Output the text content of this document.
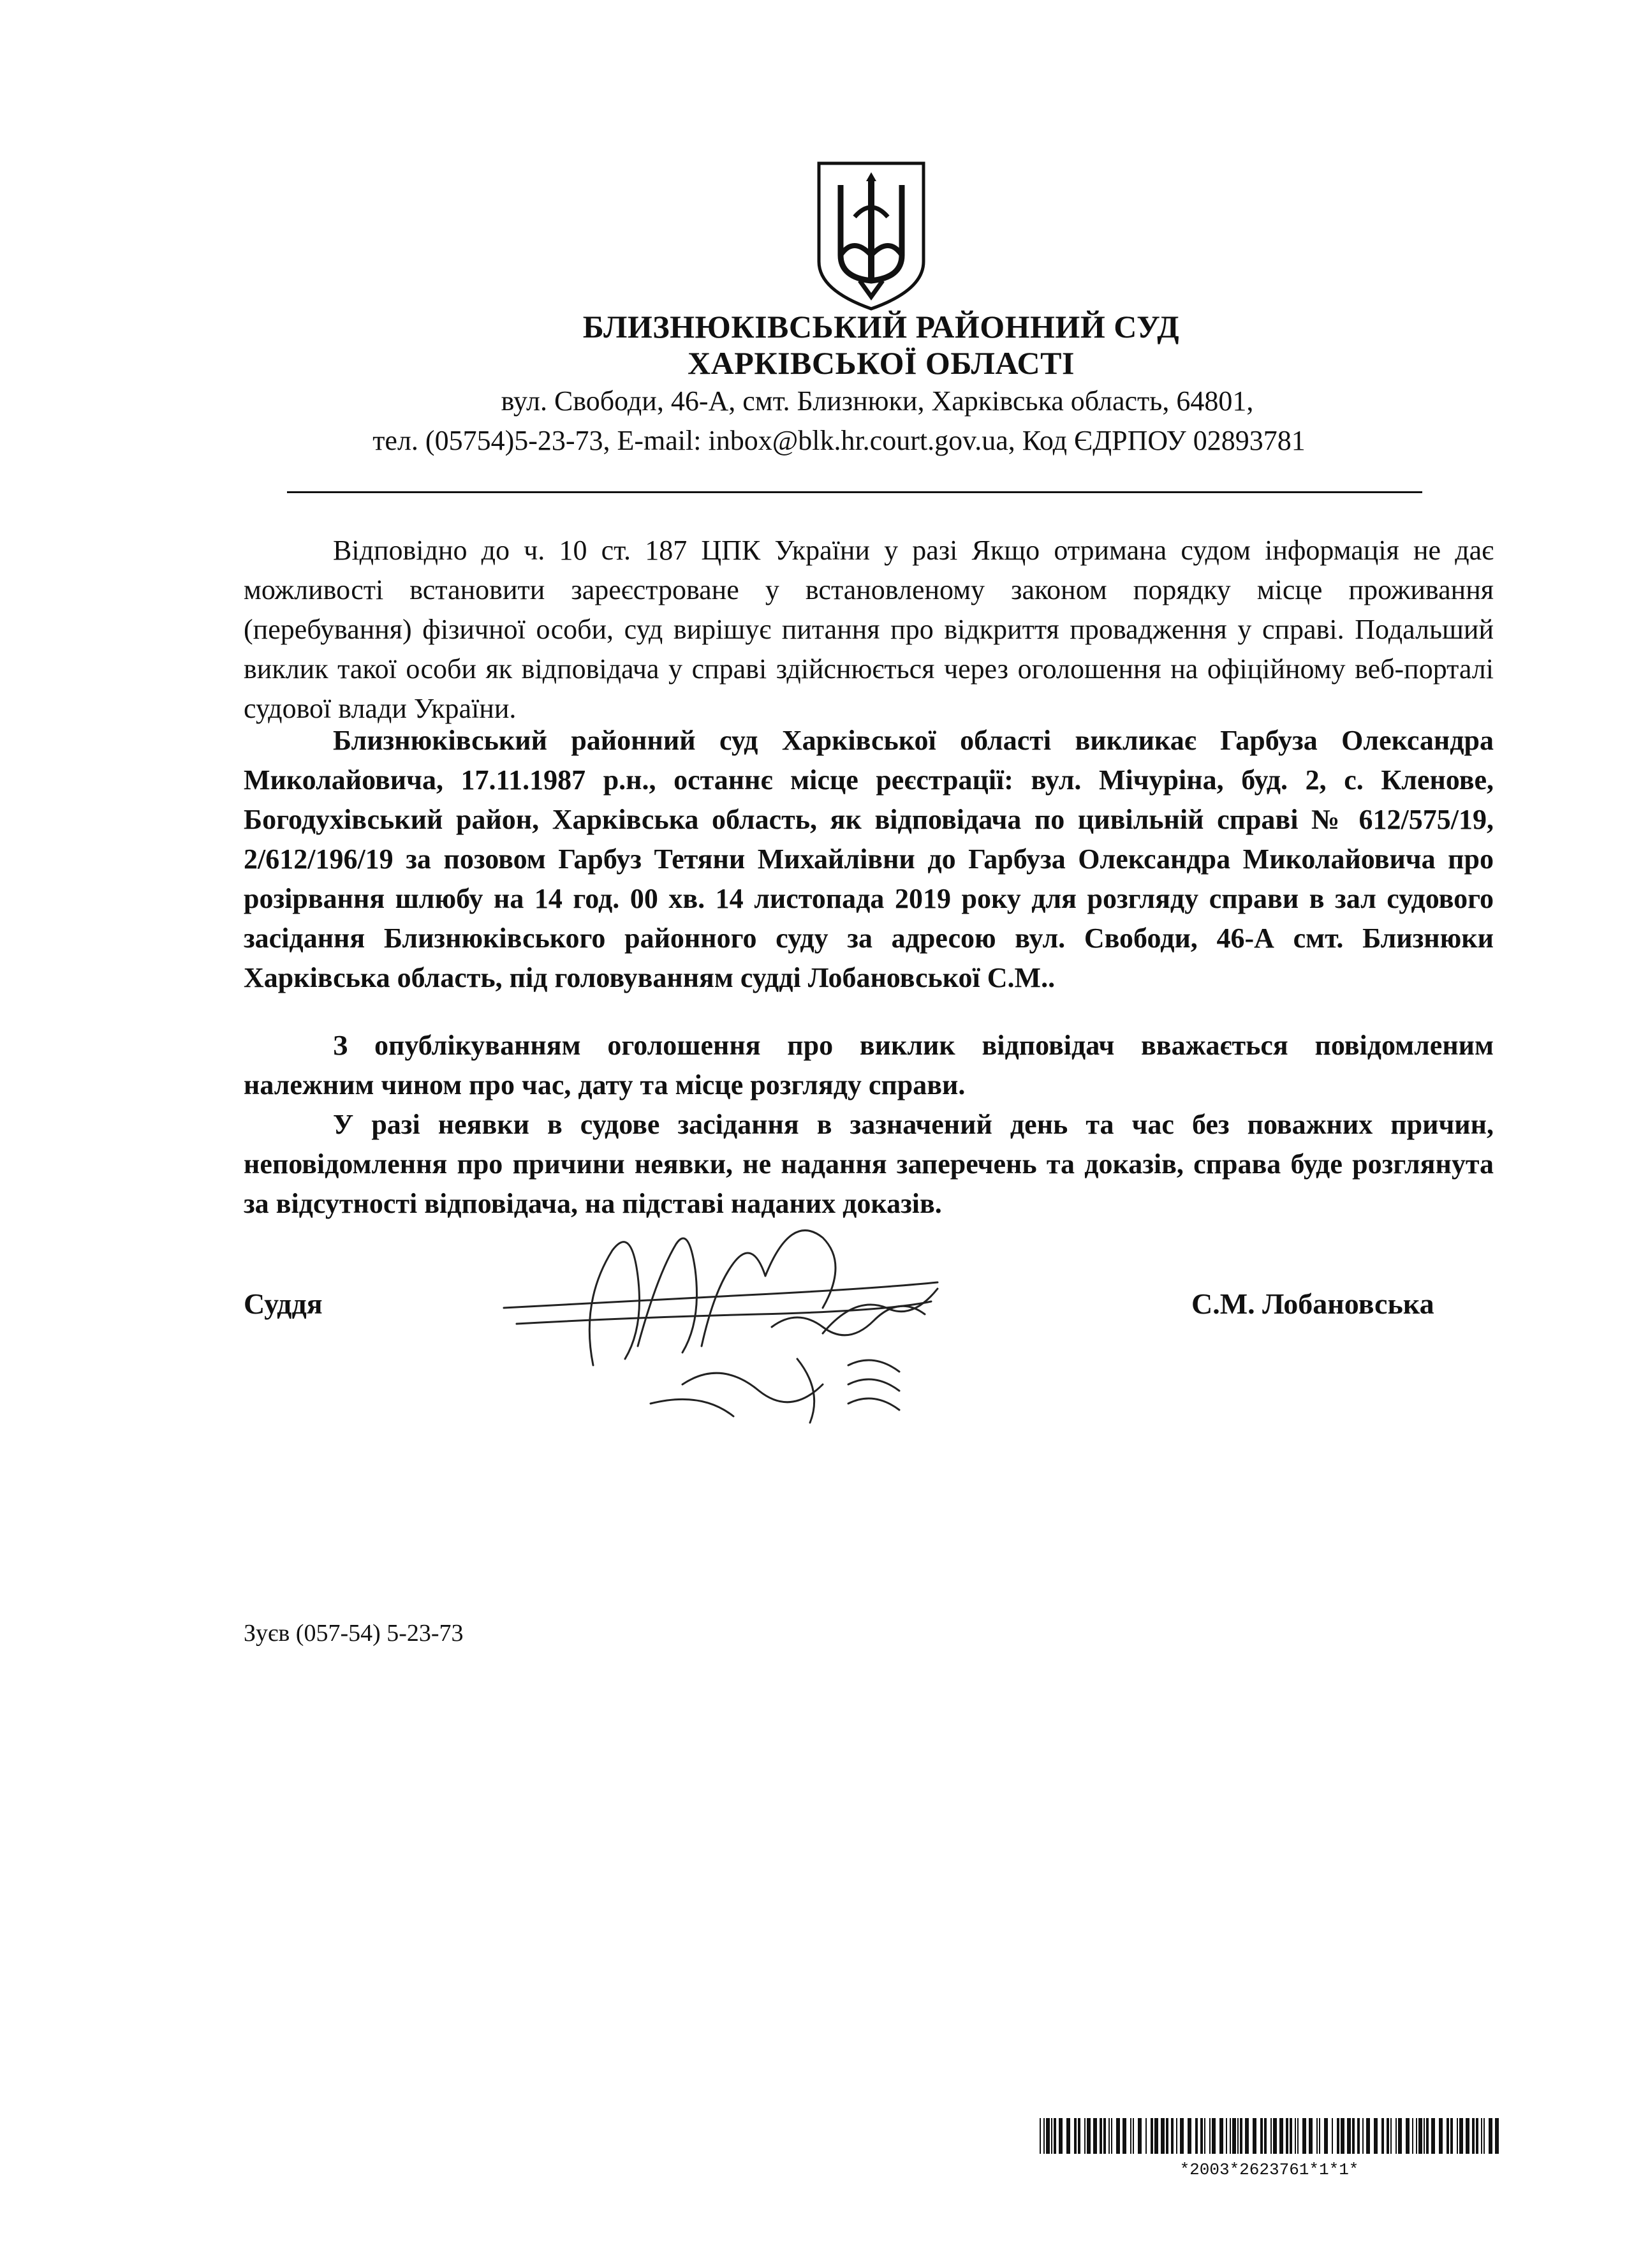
БЛИЗНЮКІВСЬКИЙ РАЙОННИЙ СУД
ХАРКІВСЬКОЇ ОБЛАСТІ
вул. Свободи, 46-А, смт. Близнюки, Харківська область, 64801,
тел. (05754)5-23-73, E-mail: inbox@blk.hr.court.gov.ua, Код ЄДРПОУ 02893781
Відповідно до ч. 10 ст. 187 ЦПК України у разі Якщо отримана судом інформація не дає можливості встановити зареєстроване у встановленому законом порядку місце проживання (перебування) фізичної особи, суд вирішує питання про відкриття провадження у справі. Подальший виклик такої особи як відповідача у справі здійснюється через оголошення на офіційному веб-порталі судової влади України.
Близнюківський районний суд Харківської області викликає Гарбуза Олександра Миколайовича, 17.11.1987 р.н., останнє місце реєстрації: вул. Мічуріна, буд. 2, с. Кленове, Богодухівський район, Харківська область, як відповідача по цивільній справі № 612/575/19, 2/612/196/19 за позовом Гарбуз Тетяни Михайлівни до Гарбуза Олександра Миколайовича про розірвання шлюбу на 14 год. 00 хв. 14 листопада 2019 року для розгляду справи в зал судового засідання Близнюківського районного суду за адресою вул. Свободи, 46-А смт. Близнюки Харківська область, під головуванням судді Лобановської С.М..
З опублікуванням оголошення про виклик відповідач вважається повідомленим належним чином про час, дату та місце розгляду справи.
У разі неявки в судове засідання в зазначений день та час без поважних причин, неповідомлення про причини неявки, не надання заперечень та доказів, справа буде розглянута за відсутності відповідача, на підставі наданих доказів.
Суддя	С.М. Лобановська
Зуєв (057-54) 5-23-73
*2003*2623761*1*1*
